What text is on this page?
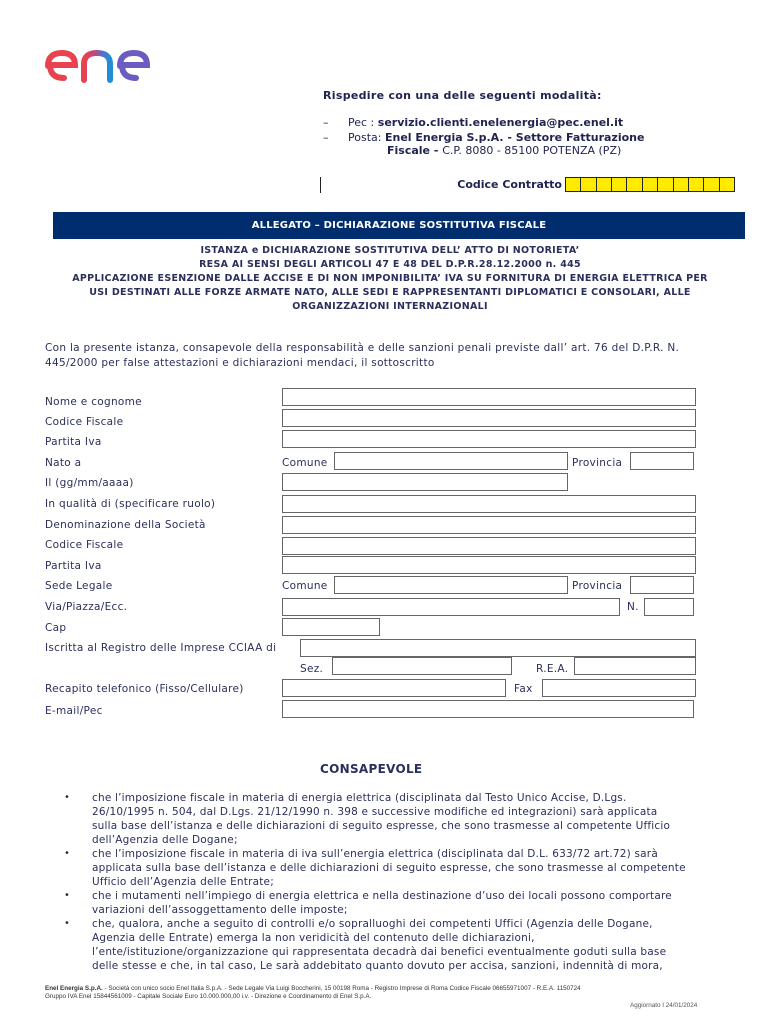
Rispedire con una delle seguenti modalità:
– Pec : servizio.clienti.enelenergia@pec.enel.it
– Posta: Enel Energia S.p.A. - Settore Fatturazione
Fiscale - C.P. 8080 - 85100 POTENZA (PZ)
Codice Contratto
ALLEGATO – DICHIARAZIONE SOSTITUTIVA FISCALE
ISTANZA e DICHIARAZIONE SOSTITUTIVA DELL’ ATTO DI NOTORIETA’
RESA AI SENSI DEGLI ARTICOLI 47 E 48 DEL D.P.R.28.12.2000 n. 445
APPLICAZIONE ESENZIONE DALLE ACCISE E DI NON IMPONIBILITA’ IVA SU FORNITURA DI ENERGIA ELETTRICA PER
USI DESTINATI ALLE FORZE ARMATE NATO, ALLE SEDI E RAPPRESENTANTI DIPLOMATICI E CONSOLARI, ALLE
ORGANIZZAZIONI INTERNAZIONALI
Con la presente istanza, consapevole della responsabilità e delle sanzioni penali previste dall’ art. 76 del D.P.R. N.
445/2000 per false attestazioni e dichiarazioni mendaci, il sottoscritto
Nome e cognome
Codice Fiscale
Partita Iva
Nato a	Comune	Provincia
Il (gg/mm/aaaa)
In qualità di (specificare ruolo)
Denominazione della Società
Codice Fiscale
Partita Iva
Sede Legale	Comune	Provincia
Via/Piazza/Ecc.	N.
Cap
Iscritta al Registro delle Imprese CCIAA di
Sez.	R.E.A.
Recapito telefonico (Fisso/Cellulare)	Fax
E-mail/Pec
CONSAPEVOLE
• che l’imposizione fiscale in materia di energia elettrica (disciplinata dal Testo Unico Accise, D.Lgs.
26/10/1995 n. 504, dal D.Lgs. 21/12/1990 n. 398 e successive modifiche ed integrazioni) sarà applicata
sulla base dell’istanza e delle dichiarazioni di seguito espresse, che sono trasmesse al competente Ufficio
dell’Agenzia delle Dogane;
• che l’imposizione fiscale in materia di iva sull’energia elettrica (disciplinata dal D.L. 633/72 art.72) sarà
applicata sulla base dell’istanza e delle dichiarazioni di seguito espresse, che sono trasmesse al competente
Ufficio dell’Agenzia delle Entrate;
• che i mutamenti nell’impiego di energia elettrica e nella destinazione d’uso dei locali possono comportare
variazioni dell’assoggettamento delle imposte;
• che, qualora, anche a seguito di controlli e/o sopralluoghi dei competenti Uffici (Agenzia delle Dogane,
Agenzia delle Entrate) emerga la non veridicità del contenuto delle dichiarazioni,
l’ente/istituzione/organizzazione qui rappresentata decadrà dai benefici eventualmente goduti sulla base
delle stesse e che, in tal caso, Le sarà addebitato quanto dovuto per accisa, sanzioni, indennità di mora,
Enel Energia S.p.A. - Società con unico socio Enel Italia S.p.A. - Sede Legale Via Luigi Boccherini, 15 00198 Roma - Registro Imprese di Roma Codice Fiscale 06655971007 - R.E.A. 1150724
Gruppo IVA Enel 15844561009 - Capitale Sociale Euro 10.000.000,00 i.v. - Direzione e Coordinamento di Enel S.p.A.
Aggiornato I 24/01/2024
